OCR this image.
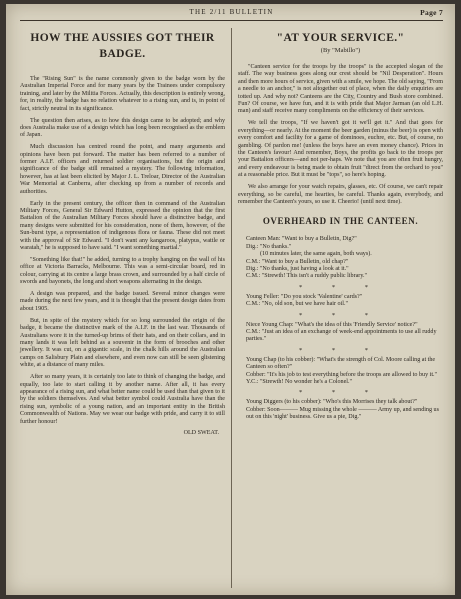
THE 2/11 BULLETIN	Page 7
HOW THE AUSSIES GOT THEIR
BADGE.

The "Rising Sun" is the name commonly given to the badge worn by the Australian Imperial Force and for many years by the Trainees under compulsory training, and later by the Militia Forces. Actually, this description is entirely wrong, for, in reality, the badge has no relation whatever to a rising sun, and is, in point of fact, strictly neutral in its significance.

The question then arises, as to how this design came to be adopted; and why does Australia make use of a design which has long been recognised as the emblem of Japan.

Much discussion has centred round the point, and many arguments and opinions have been put forward. The matter has been referred to a number of former A.I.F. officers and returned soldier organisations, but the origin and significance of the badge still remained a mystery. The following information, however, has at last been elicited by Major J. L. Treloar, Director of the Australian War Memorial at Canberra, after checking up from a number of records and authorities.

Early in the present century, the officer then in command of the Australian Military Forces, General Sir Edward Hutton, expressed the opinion that the first Battalion of the Australian Military Forces should have a distinctive badge, and many designs were submitted for his consideration, none of them, however, of the Sun-burst type, a representation of indigenous flora or fauna. These did not meet with the approval of Sir Edward. "I don't want any kangaroos, platypus, wattle or waratah," he is supposed to have said. "I want something martial."

"Something like that!" he added, turning to a trophy hanging on the wall of his office at Victoria Barracks, Melbourne. This was a semi-circular board, red in colour, carrying at its centre a large brass crown, and surrounded by a half circle of swords and bayonets, the long and short weapons alternating in the design.

A design was prepared, and the badge issued. Several minor changes were made during the next few years, and it is thought that the present design dates from about 1905.

But, in spite of the mystery which for so long surrounded the origin of the badge, it became the distinctive mark of the A.I.F. in the last war. Thousands of Australians wore it in the turned-up brims of their hats, and on their collars, and in many lands it was left behind as a souvenir in the form of brooches and other jewellery. It was cut, on a gigantic scale, in the chalk hills around the Australian camps on Salisbury Plain and elsewhere, and even now can still be seen glistening white, at a distance of many miles.

After so many years, it is certainly too late to think of changing the badge, and equally, too late to start calling it by another name. After all, it has every appearance of a rising sun, and what better name could be used than that given to it by the soldiers themselves. And what better symbol could Australia have than the rising sun, symbolic of a young nation, and an important entity in the British Commonwealth of Nations. May we wear our badge with pride, and carry it to still further honour!

OLD SWEAT.
"AT YOUR SERVICE."
(By "Mabillo")

"Canteen service for the troops by the troops" is the accepted slogan of the staff. The way business goes along our crest should be "Nil Desperation". Hours and then more hours of service, given with a smile, we hope. The old saying, "From a needle to an anchor," is not altogether out of place, when the daily enquiries are totted up. And why not? Canteens are the City, Country and Bush store combined. Fun? Of course, we have fun, and it is with pride that Major Jarman (an old L.H. man) and staff receive many compliments on the efficiency of their services.

We tell the troops, "If we haven't got it we'll get it." And that goes for everything—or nearly. At the moment the beer garden (minus the beer) is open with every comfort and facility for a game of dominoes, euchre, etc. But, of course, no gambling. Of pardon me! (unless the boys have an even money chance). Prices in the Canteen's favour! And remember, Boys, the profits go back to the troops per your Battalion officers—and not per-haps. We note that you are often fruit hungry, and every endeavour is being made to obtain fruit "direct from the orchard to you" at a reasonable price. But it must be "tops", so here's hoping.

We also arrange for your watch repairs, glasses, etc. Of course, we can't repair everything, so be careful, me hearties, be careful. Thanks again, everybody, and remember the Canteen's yours, so use it. Cheerio! (until next time).

OVERHEARD IN THE CANTEEN.
Canteen Man: "Want to buy a Bulletin, Dig?"
Dig.: "No thanks."
(10 minutes later, the same again, both ways).
C.M.: "Want to buy a Bulletin, old chap?"
Dig.: "No thanks, just having a look at it."
C.M.: "Strewth! This isn't a ruddy public library."
* * *
Young Feller: "Do you stock 'Valentine' cards?"
C.M.: "No, old son, but we have hair oil."
* * *
Niece Young Chap: "What's the idea of this 'Friendly Service' notice?"
C.M.: "Just an idea of an exchange of week-end appointments to use all ruddy parties."
* * *
Young Chap (to his cobber): "What's the strength of Col. Moore calling at the Canteen so often?"
Cobber: "It's his job to test everything before the troops are allowed to buy it."
Y.C.: "Strewth! No wonder he's a Colonel."
* * *
Young Diggers (to his cobber): "Who's this Morrises they talk about?"
Cobber: Soon——— Mug missing the whole ——— Army up, and sending us out on this 'night' business. Give us a pie, Dig."
